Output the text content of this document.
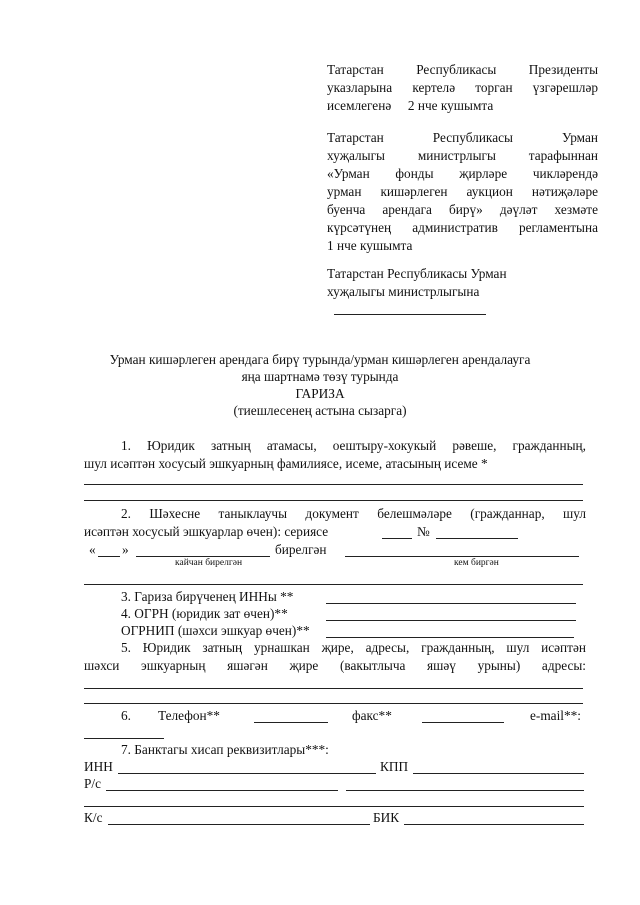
Татарстан Республикасы Президенты
указларына кертелә торган үзгәрешләр
исемлегенә     2 нче кушымта
Татарстан Республикасы Урман
хуҗалыгы министрлыгы тарафыннан
«Урман фонды җирләре чикләрендә
урман кишәрлеген аукцион нәтиҗәләре
буенча арендага бирү» дәүләт хезмәте
күрсәтүнең административ регламентына
1 нче кушымта
Татарстан Республикасы Урман
хуҗалыгы министрлыгына
Урман кишәрлеген арендага бирү турында/урман кишәрлеген арендалауга
яңа шартнамә төзү турында
ГАРИЗА
(тиешлесенең астына сызарга)
1. Юридик затның атамасы, оештыру-хокукый рәвеше, гражданның,
шул исәптән хосусый эшкуарның фамилиясе, исеме, атасының исеме *
2. Шәхесне таныклаучы документ белешмәләре (гражданнар, шул
исәптән хосусый эшкуарлар өчен): сериясе	№
« »	бирелгән
кайчан бирелгән	кем биргән
3. Гариза бирүченең ИННы **
4. ОГРН (юридик зат өчен)**
ОГРНИП (шәхси эшкуар өчен)**
5. Юридик затның урнашкан җире, адресы, гражданның, шул исәптән
шәхси эшкуарның яшәгән җире (вакытлыча яшәү урыны) адресы:
6. Телефон**	факс**	e-mail**:
7. Банктагы хисап реквизитлары***:
ИНН	КПП
Р/с
К/с	БИК
